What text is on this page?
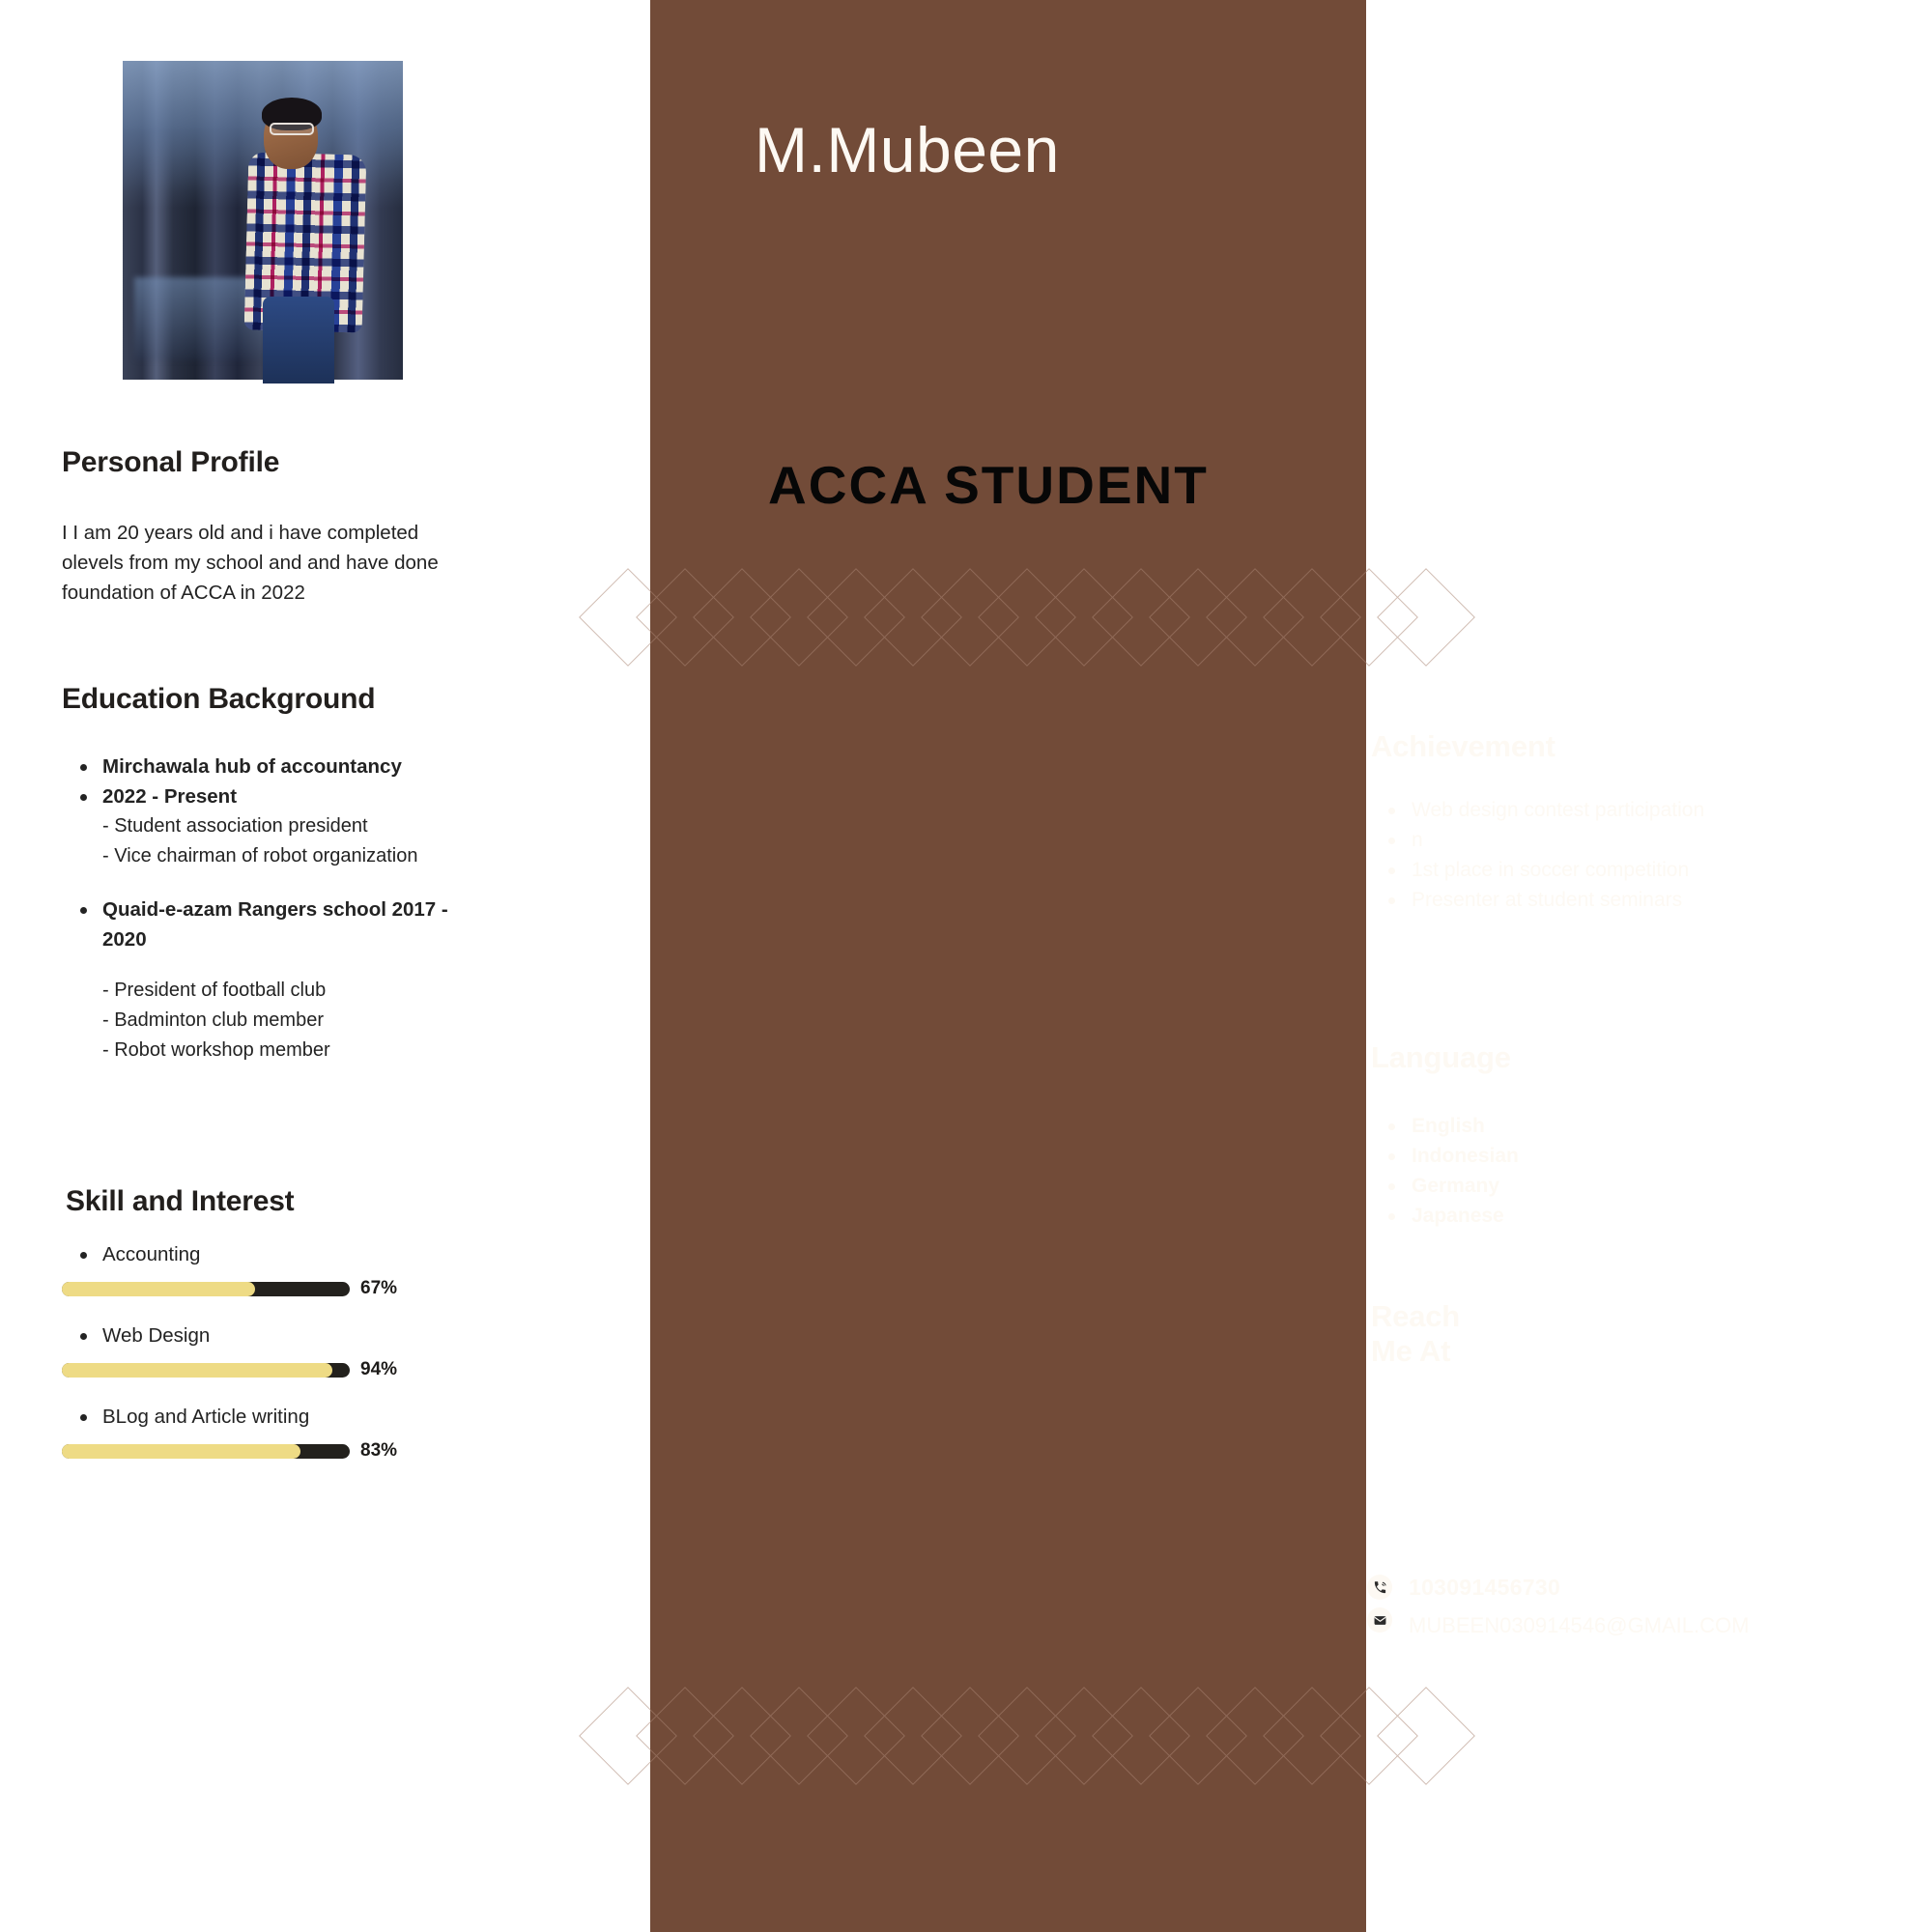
Personal Profile
I I am 20 years old and i have completed olevels from my school and and have done foundation of ACCA in 2022
Education Background
Mirchawala hub of accountancy
2022 - Present
- Student association president
- Vice chairman of robot organization
Quaid-e-azam Rangers school 2017 - 2020
- President of football club
- Badminton club member
- Robot workshop member
Skill and Interest
Accounting
67%
Web Design
94%
BLog and Article writing
83%
M.Mubeen
ACCA STUDENT
Achievement
Web design contest participation
n
1st place in soccer competition
Presenter at student seminars
Language
English
Indonesian
Germany
Japanese
Reach Me At
103091456730
MUBEEN030914546@GMAIL.COM
